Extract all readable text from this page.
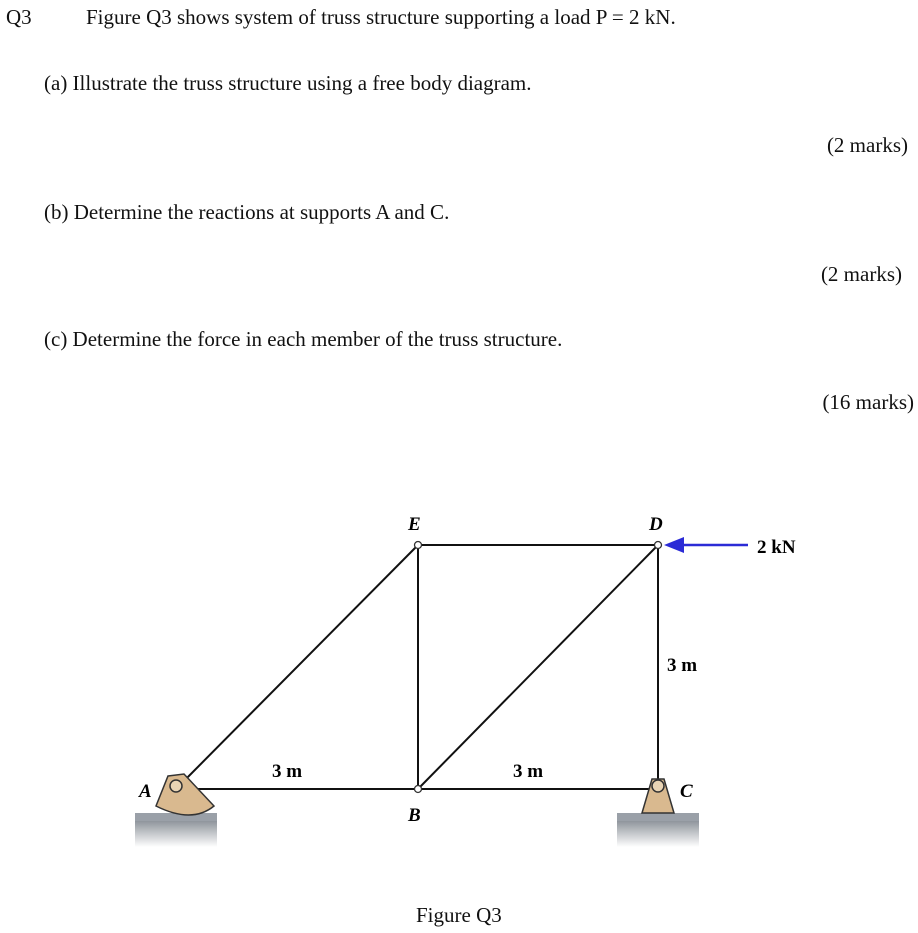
Q3	Figure Q3 shows system of truss structure supporting a load P = 2 kN.
(a) Illustrate the truss structure using a free body diagram.
(2 marks)
(b) Determine the reactions at supports A and C.
(2 marks)
(c) Determine the force in each member of the truss structure.
(16 marks)
E	D
A
B
C
2 kN
3 m	3 m
3 m
Figure Q3
